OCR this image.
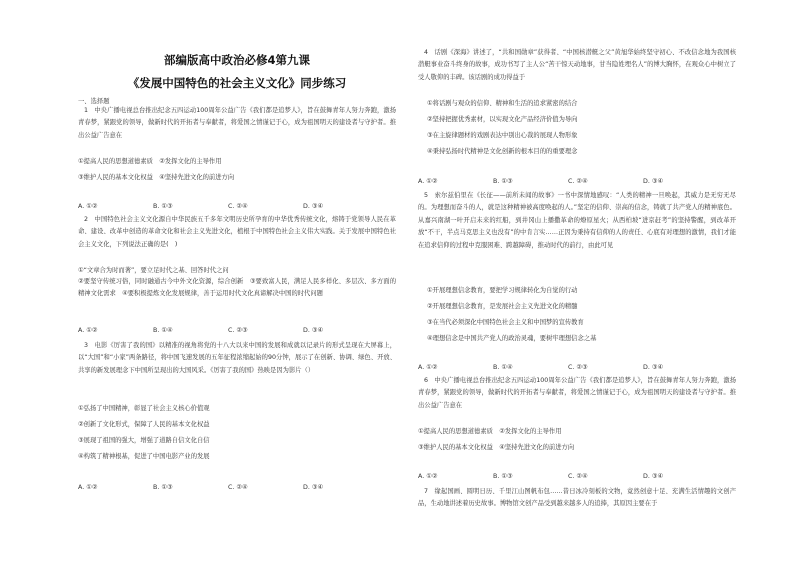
部编版高中政治必修4第九课
《发展中国特色的社会主义文化》同步练习
一、选择题
1　中央广播电视总台推出纪念五四运动100周年公益广告《我们都是追梦人》，旨在鼓舞青年人努力奔跑，激扬青春梦，紧跟党的领导，做新时代的开拓者与奉献者，将爱国之情谨记于心，成为祖国明天的建设者与守护者。推出公益广告意在
①提高人民的思想道德素质　②发挥文化的主导作用
③维护人民的基本文化权益　④坚持先进文化的前进方向
A. ①②	B. ①③	C. ②④	D. ③④
2　中国特色社会主义文化源自中华民族五千多年文明历史所孕育的中华优秀传统文化，熔铸于党领导人民在革命、建设、改革中创造的革命文化和社会主义先进文化，植根于中国特色社会主义伟大实践。关于发展中国特色社会主义文化，下列说法正确的是(　)
①“文章合为时而著”，要立足时代之基、回答时代之问
②要坚守传统习俗，同时融通古今中外文化资源，综合创新　③要致富人民，满足人民多样化、多层次、多方面的精神文化需求　④要积极提炼文化发展规律，善于运用时代文化真谛解决中国的时代问题
A. ①②	B. ①④	C. ②③	D. ③④
3　电影《厉害了我的国》以精准的视角将党的十八大以来中国的发展和成就以记录片的形式呈现在大屏幕上，以“大国”和“小家”两条路径，将中国飞速发展的五年征程浓缩起始的90分钟，展示了在创新、协调、绿色、开放、共享的新发展理念下中国所呈现出的大国风采。《厉害了我的国》热映是因为影片（）
①弘扬了中国精神，彰显了社会主义核心价值观
②创新了文化形式，保障了人民的基本文化权益
③展现了祖国的强大，增强了道路自信文化自信
④构筑了精神根基，促进了中国电影产业的发展
A. ①②	B. ①③	C. ②④	D. ③④
4　话剧《深海》讲述了，“共和国勋章”获得者、“中国核潜艇之父”黄旭华始终坚守初心、不改信念地为我国核潜艇事业奋斗终身的故事，成功书写了主人公“苦干惊天动地事，甘当隐姓埋名人”的博大胸怀，在观众心中树立了受人敬仰的丰碑。该话剧的成功得益于
①将话剧与观众的信仰、精神和生活的追求紧密的结合
②坚持把握优秀素材，以实现文化产品经济价值为导向
③在主旋律题材的戏剧表达中别出心裁的展现人物形象
④秉持弘扬时代精神是文化创新的根本目的的重要理念
A. ①②	B. ①③	C. ②④	D. ③④
5　索尔兹伯里在《长征——前所未闻的故事》一书中深情地感叹：“人类的精神一旦唤起，其威力是无穷无尽的。为理想而奋斗的人，就是这种精神被高度唤起的人。”坚定的信仰、崇高的信念，铸就了共产党人的精神底色。从嘉兴南湖一叶开启未来的红船，到井冈山上播撒革命的燎原星火；从西柏坡“进京赶考”的坚持警醒，到改革开放“不干，半点马克思主义也没有”的中肯言实……正因为秉持有信仰的人的责任、心底有对理想的激情，我们才能在追求信仰的过程中克服困难、跨越障碍，推动时代的前行，由此可见
①开展理想信念教育，要把学习规律转化为自觉的行动
②开展理想信念教育，是发展社会主义先进文化的精髓
③在当代必须深化中国特色社会主义和中国梦的宣传教育
④理想信念是中国共产党人的政治灵魂，要树牢理想信念之基
A. ①②	B. ①④	C. ②③	D. ③④
6　中央广播电视总台推出纪念五四运动100周年公益广告《我们都是追梦人》，旨在鼓舞青年人努力奔跑，激扬青春梦，紧跟党的领导，做新时代的开拓者与奉献者，将爱国之情谨记于心，成为祖国明天的建设者与守护者。推出公益广告意在
①提高人民的思想道德素质　②发挥文化的主导作用
③维护人民的基本文化权益　④坚持先进文化的前进方向
A. ①②	B. ①③	C. ②④	D. ③④
7　缘起国画、圆明日历、千里江山图帆布包……昔日冰冷刻板的文物，竟然创意十足、充满生活情趣的文创产品，生动地讲述着历史故事。博物馆文创产品受到越来越多人的追捧，其原因主要在于
